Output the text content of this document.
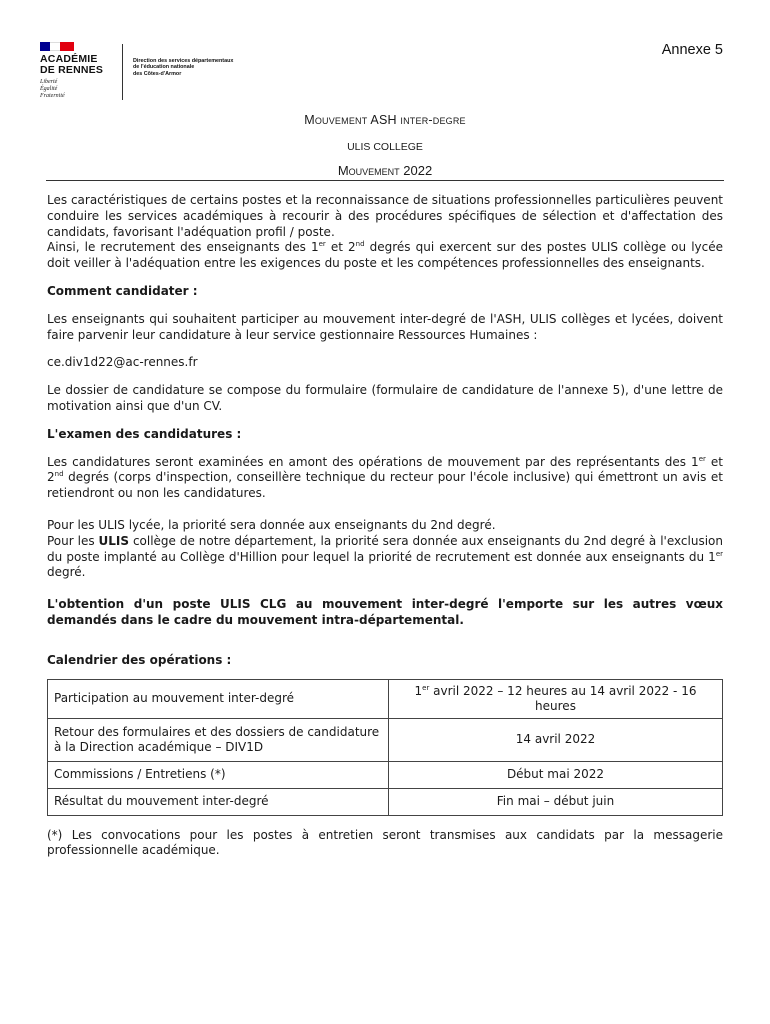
ACADÉMIE
DE RENNES
Liberté
Égalité
Fraternité
Direction des services départementaux
de l'éducation nationale
des Côtes-d'Armor
Annexe 5
Mouvement ASH inter-degre
ULIS COLLEGE
Mouvement 2022

Les caractéristiques de certains postes et la reconnaissance de situations professionnelles particulières peuvent conduire les services académiques à recourir à des procédures spécifiques de sélection et d'affectation des candidats, favorisant l'adéquation profil / poste.

Ainsi, le recrutement des enseignants des 1er et 2nd degrés qui exercent sur des postes ULIS collège ou lycée doit veiller à l'adéquation entre les exigences du poste et les compétences professionnelles des enseignants.

Comment candidater :

Les enseignants qui souhaitent participer au mouvement inter-degré de l'ASH, ULIS collèges et lycées, doivent faire parvenir leur candidature à leur service gestionnaire Ressources Humaines :

ce.div1d22@ac-rennes.fr

Le dossier de candidature se compose du formulaire (formulaire de candidature de l'annexe 5), d'une lettre de motivation ainsi que d'un CV.

L'examen des candidatures :

Les candidatures seront examinées en amont des opérations de mouvement par des représentants des 1er et 2nd degrés (corps d'inspection, conseillère technique du recteur pour l'école inclusive) qui émettront un avis et retiendront ou non les candidatures.

Pour les ULIS lycée, la priorité sera donnée aux enseignants du 2nd degré.

Pour les ULIS collège de notre département, la priorité sera donnée aux enseignants du 2nd degré à l'exclusion du poste implanté au Collège d'Hillion pour lequel la priorité de recrutement est donnée aux enseignants du 1er degré.

L'obtention d'un poste ULIS CLG au mouvement inter-degré l'emporte sur les autres vœux demandés dans le cadre du mouvement intra-départemental.

Calendrier des opérations :

Participation au mouvement inter-degré	1er avril 2022 – 12 heures au 14 avril 2022 - 16 heures
Retour des formulaires et des dossiers de candidature à la Direction académique – DIV1D	14 avril 2022
Commissions / Entretiens (*)	Début mai 2022
Résultat du mouvement inter-degré	Fin mai – début juin

(*) Les convocations pour les postes à entretien seront transmises aux candidats par la messagerie professionnelle académique.
